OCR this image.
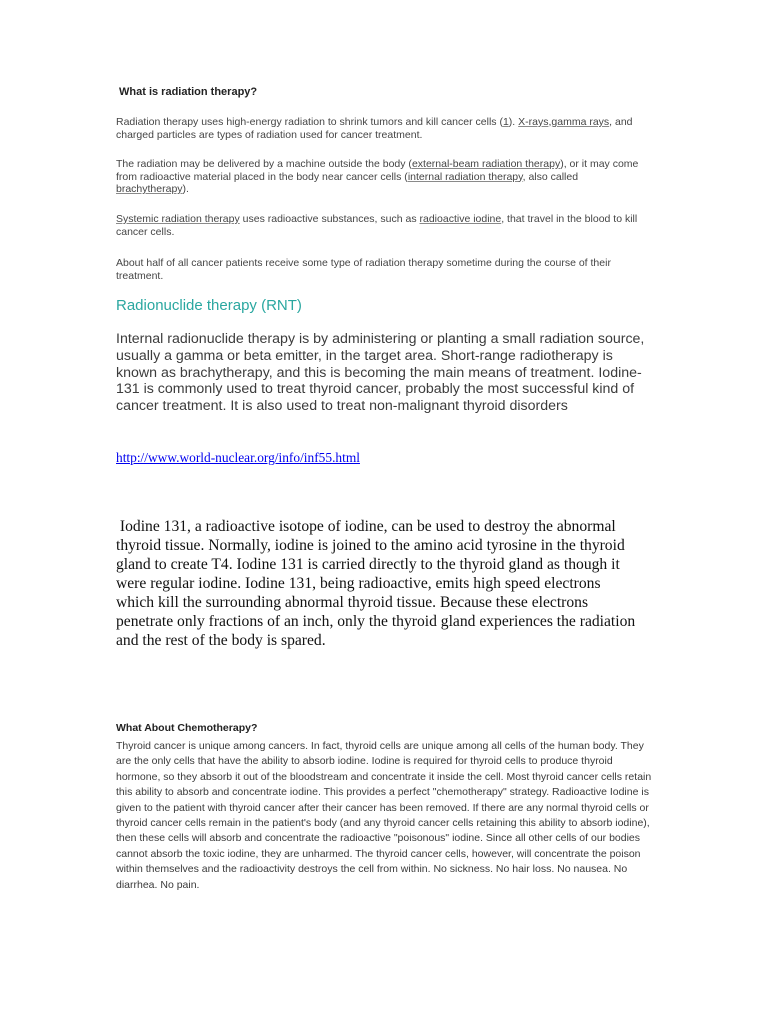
What is radiation therapy?
Radiation therapy uses high-energy radiation to shrink tumors and kill cancer cells (1). X-rays,gamma rays, and charged particles are types of radiation used for cancer treatment.
The radiation may be delivered by a machine outside the body (external-beam radiation therapy), or it may come from radioactive material placed in the body near cancer cells (internal radiation therapy, also called brachytherapy).
Systemic radiation therapy uses radioactive substances, such as radioactive iodine, that travel in the blood to kill cancer cells.
About half of all cancer patients receive some type of radiation therapy sometime during the course of their treatment.
Radionuclide therapy (RNT)
Internal radionuclide therapy is by administering or planting a small radiation source, usually a gamma or beta emitter, in the target area. Short-range radiotherapy is known as brachytherapy, and this is becoming the main means of treatment. Iodine-131 is commonly used to treat thyroid cancer, probably the most successful kind of cancer treatment. It is also used to treat non-malignant thyroid disorders
http://www.world-nuclear.org/info/inf55.html
Iodine 131, a radioactive isotope of iodine, can be used to destroy the abnormal thyroid tissue. Normally, iodine is joined to the amino acid tyrosine in the thyroid gland to create T4. Iodine 131 is carried directly to the thyroid gland as though it were regular iodine. Iodine 131, being radioactive, emits high speed electrons which kill the surrounding abnormal thyroid tissue. Because these electrons penetrate only fractions of an inch, only the thyroid gland experiences the radiation and the rest of the body is spared.
What About Chemotherapy?
Thyroid cancer is unique among cancers. In fact, thyroid cells are unique among all cells of the human body. They are the only cells that have the ability to absorb iodine. Iodine is required for thyroid cells to produce thyroid hormone, so they absorb it out of the bloodstream and concentrate it inside the cell. Most thyroid cancer cells retain this ability to absorb and concentrate iodine. This provides a perfect "chemotherapy" strategy. Radioactive Iodine is given to the patient with thyroid cancer after their cancer has been removed. If there are any normal thyroid cells or thyroid cancer cells remain in the patient's body (and any thyroid cancer cells retaining this ability to absorb iodine), then these cells will absorb and concentrate the radioactive "poisonous" iodine. Since all other cells of our bodies cannot absorb the toxic iodine, they are unharmed. The thyroid cancer cells, however, will concentrate the poison within themselves and the radioactivity destroys the cell from within. No sickness. No hair loss. No nausea. No diarrhea. No pain.
